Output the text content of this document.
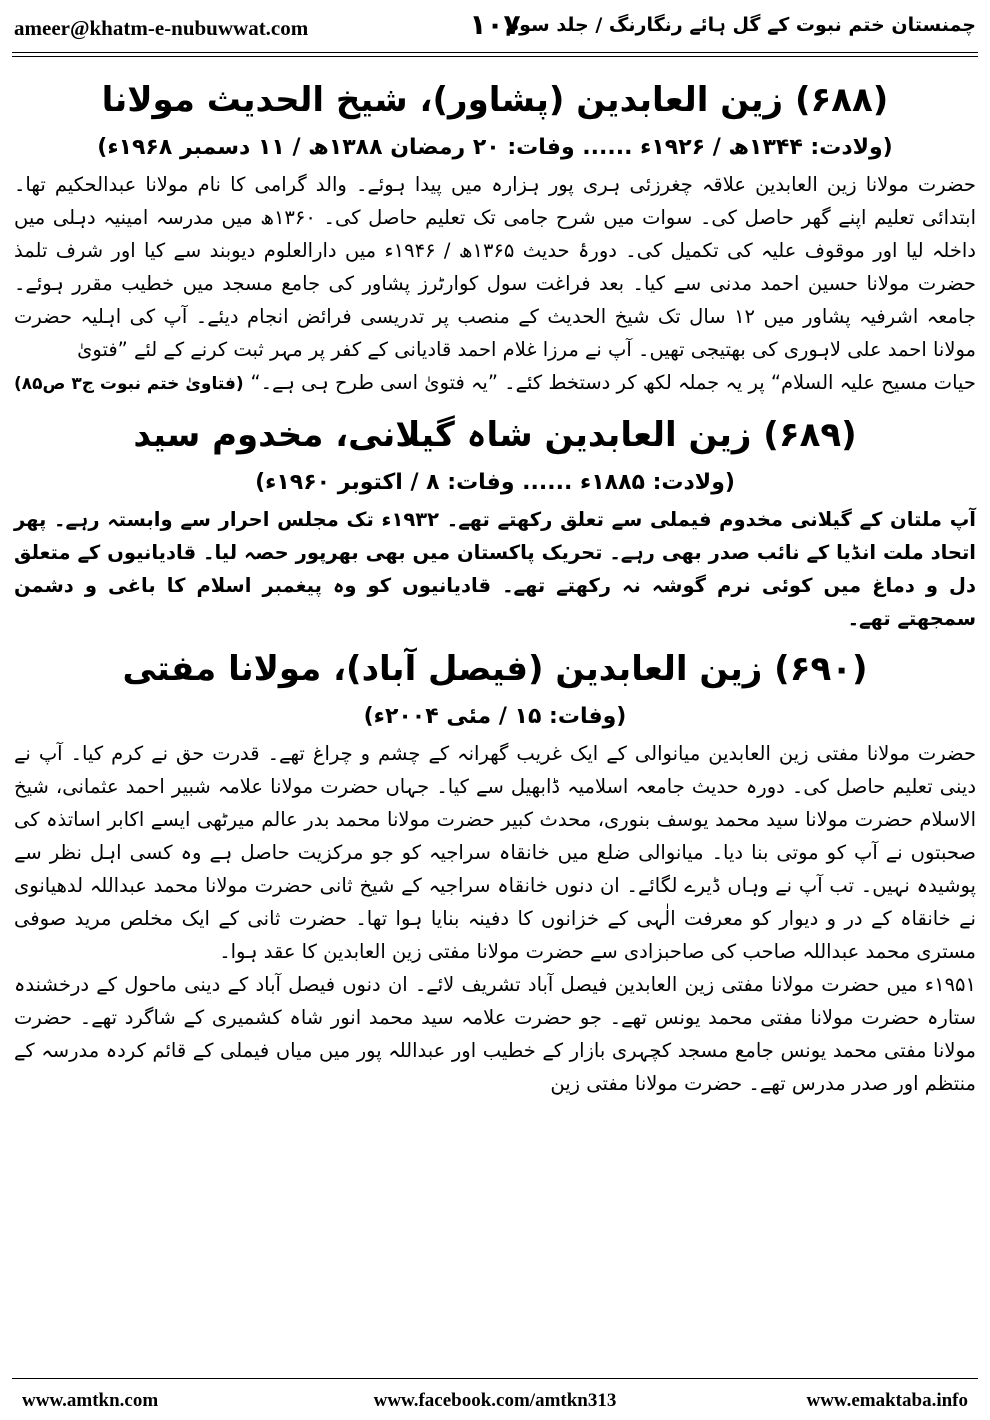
ameer@khatm-e-nubuwwat.com	۱۰۷
چمنستان ختم نبوت کے گل ہائے رنگارنگ / جلد سوم
(۶۸۸) زین العابدین (پشاور)، شیخ الحدیث مولانا

(ولادت: ۱۳۴۴ھ / ۱۹۲۶ء ...... وفات: ۲۰ رمضان ۱۳۸۸ھ / ۱۱ دسمبر ۱۹۶۸ء)

حضرت مولانا زین العابدین علاقہ چغرزئی ہری پور ہزارہ میں پیدا ہوئے۔ والد گرامی کا نام مولانا عبدالحکیم تھا۔ ابتدائی تعلیم اپنے گھر حاصل کی۔ سوات میں شرح جامی تک تعلیم حاصل کی۔ ۱۳۶۰ھ میں مدرسہ امینیہ دہلی میں داخلہ لیا اور موقوف علیہ کی تکمیل کی۔ دورۂ حدیث ۱۳۶۵ھ / ۱۹۴۶ء میں دارالعلوم دیوبند سے کیا اور شرف تلمذ حضرت مولانا حسین احمد مدنی سے کیا۔ بعد فراغت سول کوارٹرز پشاور کی جامع مسجد میں خطیب مقرر ہوئے۔ جامعہ اشرفیہ پشاور میں ۱۲ سال تک شیخ الحدیث کے منصب پر تدریسی فرائض انجام دیئے۔ آپ کی اہلیہ حضرت مولانا احمد علی لاہوری کی بھتیجی تھیں۔ آپ نے مرزا غلام احمد قادیانی کے کفر پر مہر ثبت کرنے کے لئے ”فتویٰ

حیات مسیح علیہ السلام“ پر یہ جملہ لکھ کر دستخط کئے۔ ”یہ فتویٰ اسی طرح ہی ہے۔“
(فتاویٰ ختم نبوت ج۳ ص۸۵)
(۶۸۹) زین العابدین شاہ گیلانی، مخدوم سید

(ولادت: ۱۸۸۵ء ...... وفات: ۸ / اکتوبر ۱۹۶۰ء)

آپ ملتان کے گیلانی مخدوم فیملی سے تعلق رکھتے تھے۔ ۱۹۳۲ء تک مجلس احرار سے وابستہ رہے۔ پھر اتحاد ملت انڈیا کے نائب صدر بھی رہے۔ تحریک پاکستان میں بھی بھرپور حصہ لیا۔ قادیانیوں کے متعلق دل و دماغ میں کوئی نرم گوشہ نہ رکھتے تھے۔ قادیانیوں کو وہ پیغمبر اسلام کا باغی و دشمن سمجھتے تھے۔

(۶۹۰) زین العابدین (فیصل آباد)، مولانا مفتی

(وفات: ۱۵ / مئی ۲۰۰۴ء)

حضرت مولانا مفتی زین العابدین میانوالی کے ایک غریب گھرانہ کے چشم و چراغ تھے۔ قدرت حق نے کرم کیا۔ آپ نے دینی تعلیم حاصل کی۔ دورہ حدیث جامعہ اسلامیہ ڈابھیل سے کیا۔ جہاں حضرت مولانا علامہ شبیر احمد عثمانی، شیخ الاسلام حضرت مولانا سید محمد یوسف بنوری، محدث کبیر حضرت مولانا محمد بدر عالم میرٹھی ایسے اکابر اساتذہ کی صحبتوں نے آپ کو موتی بنا دیا۔ میانوالی ضلع میں خانقاہ سراجیہ کو جو مرکزیت حاصل ہے وہ کسی اہل نظر سے پوشیدہ نہیں۔ تب آپ نے وہاں ڈیرے لگائے۔ ان دنوں خانقاہ سراجیہ کے شیخ ثانی حضرت مولانا محمد عبداللہ لدھیانوی نے خانقاہ کے در و دیوار کو معرفت الٰہی کے خزانوں کا دفینہ بنایا ہوا تھا۔ حضرت ثانی کے ایک مخلص مرید صوفی مستری محمد عبداللہ صاحب کی صاحبزادی سے حضرت مولانا مفتی زین العابدین کا عقد ہوا۔

۱۹۵۱ء میں حضرت مولانا مفتی زین العابدین فیصل آباد تشریف لائے۔ ان دنوں فیصل آباد کے دینی ماحول کے درخشندہ ستارہ حضرت مولانا مفتی محمد یونس تھے۔ جو حضرت علامہ سید محمد انور شاہ کشمیری کے شاگرد تھے۔ حضرت مولانا مفتی محمد یونس جامع مسجد کچہری بازار کے خطیب اور عبداللہ پور میں میاں فیملی کے قائم کردہ مدرسہ کے منتظم اور صدر مدرس تھے۔ حضرت مولانا مفتی زین

www.amtkn.com	www.facebook.com/amtkn313	www.emaktaba.info
